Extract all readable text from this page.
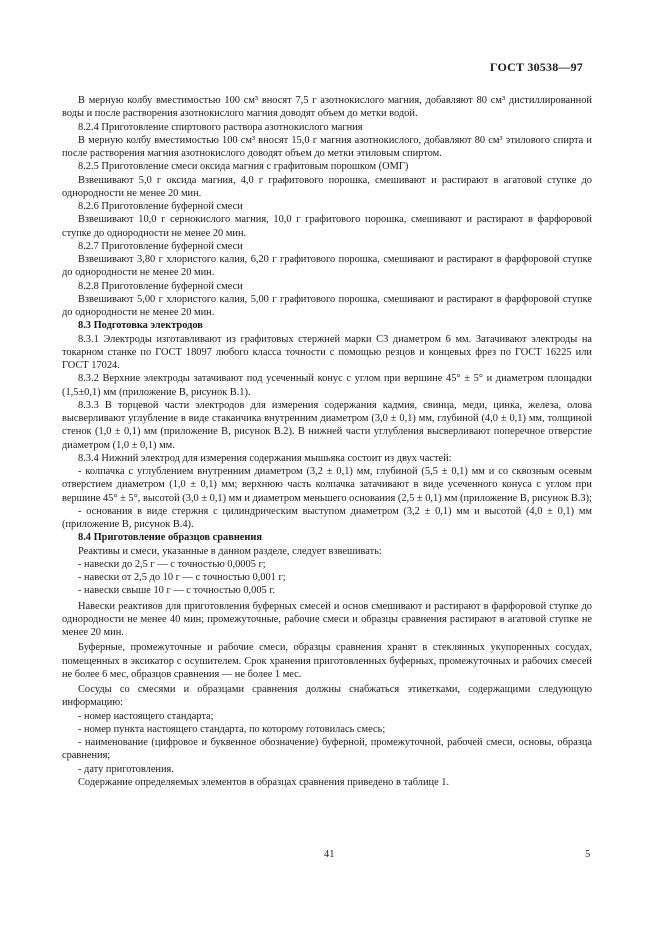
ГОСТ 30538—97

В мерную колбу вместимостью 100 см³ вносят 7,5 г азотнокислого магния, добавляют 80 см³ дистиллированной воды и после растворения азотнокислого магния доводят объем до метки водой.

8.2.4 Приготовление спиртового раствора азотнокислого магния

В мерную колбу вместимостью 100 см³ вносят 15,0 г магния азотнокислого, добавляют 80 см³ этилового спирта и после растворения магния азотнокислого доводят объем до метки этиловым спиртом.

8.2.5 Приготовление смеси оксида магния с графитовым порошком (ОМГ)

Взвешивают 5,0 г оксида магния, 4,0 г графитового порошка, смешивают и растирают в агатовой ступке до однородности не менее 20 мин.

8.2.6 Приготовление буферной смеси

Взвешивают 10,0 г сернокислого магния, 10,0 г графитового порошка, смешивают и растирают в фарфоровой ступке до однородности не менее 20 мин.

8.2.7 Приготовление буферной смеси

Взвешивают 3,80 г хлористого калия, 6,20 г графитового порошка, смешивают и растирают в фарфоровой ступке до однородности не менее 20 мин.

8.2.8 Приготовление буферной смеси

Взвешивают 5,00 г хлористого калия, 5,00 г графитового порошка, смешивают и растирают в фарфоровой ступке до однородности не менее 20 мин.

8.3 Подготовка электродов

8.3.1 Электроды изготавливают из графитовых стержней марки С3 диаметром 6 мм. Затачивают электроды на токарном станке по ГОСТ 18097 любого класса точности с помощью резцов и концевых фрез по ГОСТ 16225 или ГОСТ 17024.

8.3.2 Верхние электроды затачивают под усеченный конус с углом при вершине 45° ± 5° и диаметром площадки (1,5±0,1) мм (приложение В, рисунок В.1).

8.3.3 В торцевой части электродов для измерения содержания кадмия, свинца, меди, цинка, железа, олова высверливают углубление в виде стаканчика внутренним диаметром (3,0 ± 0,1) мм, глубиной (4,0 ± 0,1) мм, толщиной стенок (1,0 ± 0,1) мм (приложение В, рисунок В.2). В нижней части углубления высверливают поперечное отверстие диаметром (1,0 ± 0,1) мм.

8.3.4 Нижний электрод для измерения содержания мышьяка состоит из двух частей:

- колпачка с углублением внутренним диаметром (3,2 ± 0,1) мм, глубиной (5,5 ± 0,1) мм и со сквозным осевым отверстием диаметром (1,0 ± 0,1) мм; верхнюю часть колпачка затачивают в виде усеченного конуса с углом при вершине 45° ± 5°, высотой (3,0 ± 0,1) мм и диаметром меньшего основания (2,5 ± 0,1) мм (приложение В, рисунок В.3);

- основания в виде стержня с цилиндрическим выступом диаметром (3,2 ± 0,1) мм и высотой (4,0 ± 0,1) мм (приложение В, рисунок В.4).

8.4 Приготовление образцов сравнения

Реактивы и смеси, указанные в данном разделе, следует взвешивать:

- навески до 2,5 г — с точностью 0,0005 г;

- навески от 2,5 до 10 г — с точностью 0,001 г;

- навески свыше 10 г — с точностью 0,005 г.

Навески реактивов для приготовления буферных смесей и основ смешивают и растирают в фарфоровой ступке до однородности не менее 40 мин; промежуточные, рабочие смеси и образцы сравнения растирают в агатовой ступке не менее 20 мин.

Буферные, промежуточные и рабочие смеси, образцы сравнения хранят в стеклянных укупоренных сосудах, помещенных в эксикатор с осушителем. Срок хранения приготовленных буферных, промежуточных и рабочих смесей не более 6 мес, образцов сравнения — не более 1 мес.

Сосуды со смесями и образцами сравнения должны снабжаться этикетками, содержащими следующую информацию:

- номер настоящего стандарта;

- номер пункта настоящего стандарта, по которому готовилась смесь;

- наименование (цифровое и буквенное обозначение) буферной, промежуточной, рабочей смеси, основы, образца сравнения;

- дату приготовления.

Содержание определяемых элементов в образцах сравнения приведено в таблице 1.

41	5
